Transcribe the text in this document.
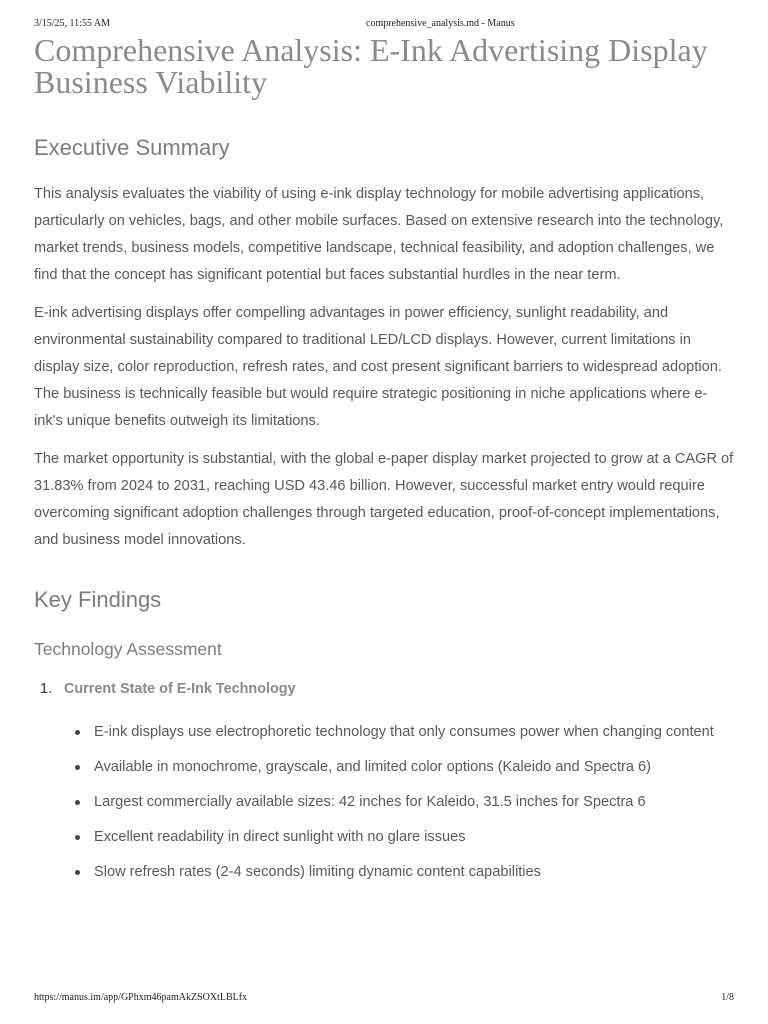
3/15/25, 11:55 AM	comprehensive_analysis.md - Manus
Comprehensive Analysis: E-Ink Advertising Display Business Viability
Executive Summary

This analysis evaluates the viability of using e-ink display technology for mobile advertising applications, particularly on vehicles, bags, and other mobile surfaces. Based on extensive research into the technology, market trends, business models, competitive landscape, technical feasibility, and adoption challenges, we find that the concept has significant potential but faces substantial hurdles in the near term.

E-ink advertising displays offer compelling advantages in power efficiency, sunlight readability, and environmental sustainability compared to traditional LED/LCD displays. However, current limitations in display size, color reproduction, refresh rates, and cost present significant barriers to widespread adoption. The business is technically feasible but would require strategic positioning in niche applications where e-ink's unique benefits outweigh its limitations.

The market opportunity is substantial, with the global e-paper display market projected to grow at a CAGR of 31.83% from 2024 to 2031, reaching USD 43.46 billion. However, successful market entry would require overcoming significant adoption challenges through targeted education, proof-of-concept implementations, and business model innovations.

Key Findings
Technology Assessment
1. Current State of E-Ink Technology
E-ink displays use electrophoretic technology that only consumes power when changing content
Available in monochrome, grayscale, and limited color options (Kaleido and Spectra 6)
Largest commercially available sizes: 42 inches for Kaleido, 31.5 inches for Spectra 6
Excellent readability in direct sunlight with no glare issues
Slow refresh rates (2-4 seconds) limiting dynamic content capabilities
https://manus.im/app/GPhxm46pamAkZSOXtLBLfx	1/8
